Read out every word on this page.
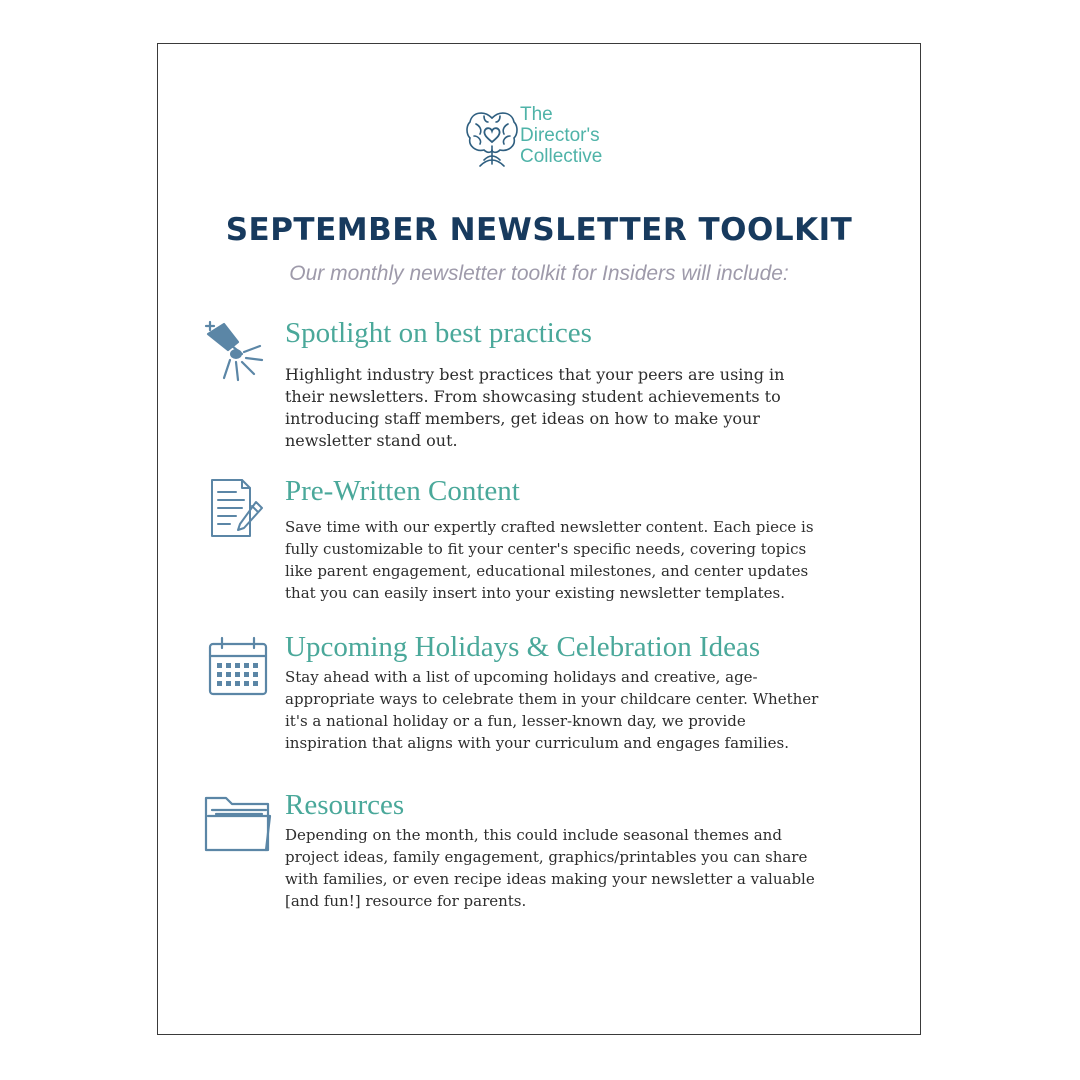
The
Director's
Collective
SEPTEMBER NEWSLETTER TOOLKIT
Our monthly newsletter toolkit for Insiders will include:
Spotlight on best practices

Highlight industry best practices that your peers are using in their newsletters. From showcasing student achievements to introducing staff members, get ideas on how to make your newsletter stand out.

Pre-Written Content

Save time with our expertly crafted newsletter content. Each piece is fully customizable to fit your center's specific needs, covering topics like parent engagement, educational milestones, and center updates that you can easily insert into your existing newsletter templates.

Upcoming Holidays & Celebration Ideas

Stay ahead with a list of upcoming holidays and creative, age-appropriate ways to celebrate them in your childcare center. Whether it's a national holiday or a fun, lesser-known day, we provide inspiration that aligns with your curriculum and engages families.

Resources

Depending on the month, this could include seasonal themes and project ideas, family engagement, graphics/printables you can share with families, or even recipe ideas making your newsletter a valuable [and fun!] resource for parents.
